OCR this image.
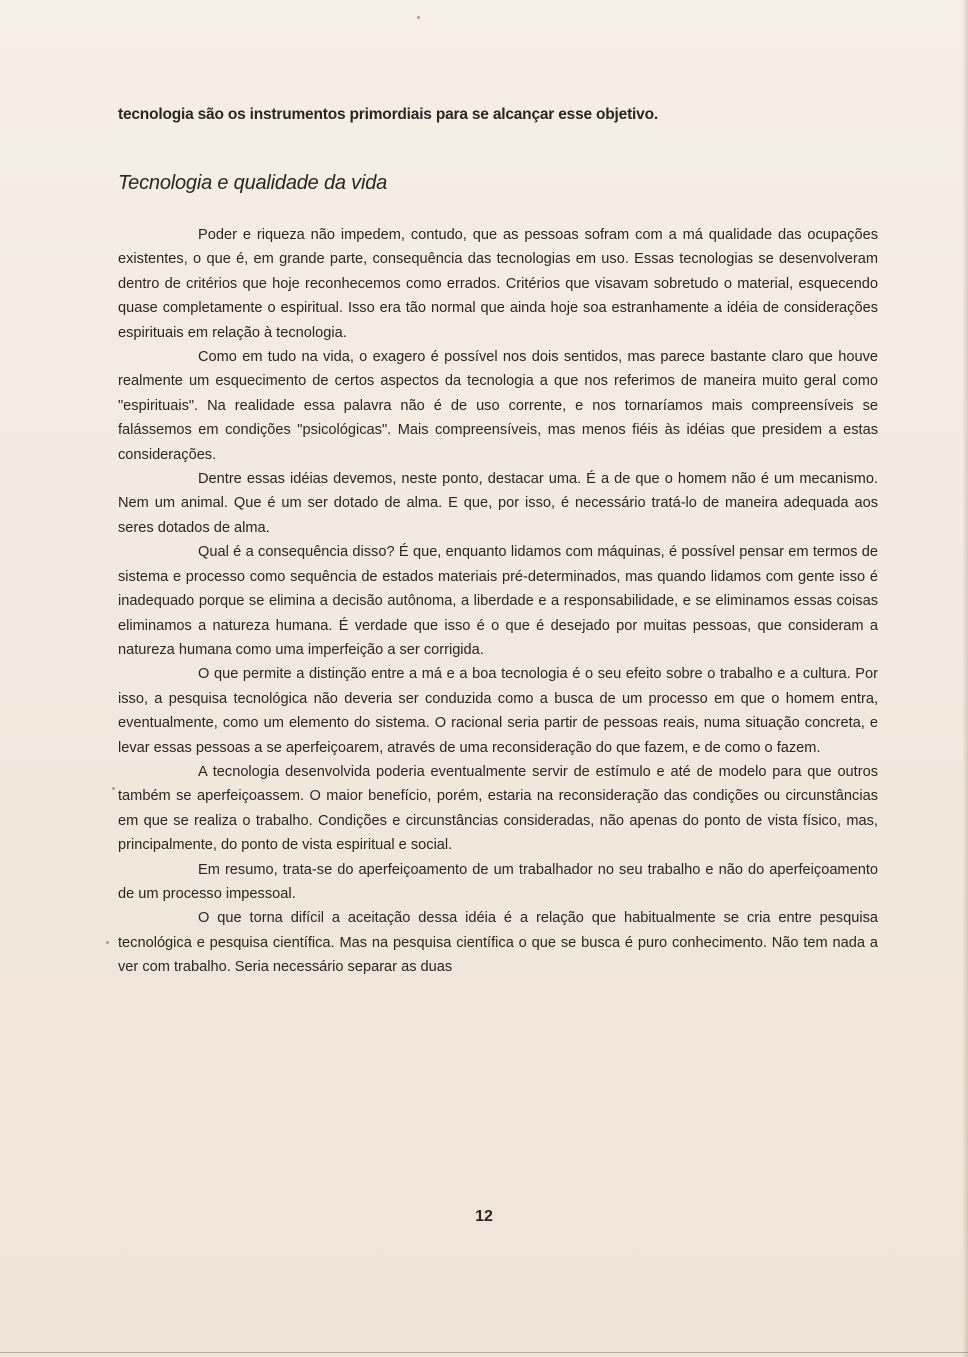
tecnologia são os instrumentos primordiais para se alcançar esse objetivo.

Tecnologia e qualidade da vida

Poder e riqueza não impedem, contudo, que as pessoas sofram com a má qualidade das ocupações existentes, o que é, em grande parte, consequência das tecnologias em uso. Essas tecnologias se desenvolveram dentro de critérios que hoje reconhecemos como errados. Critérios que visavam sobretudo o material, esquecendo quase completamente o espiritual. Isso era tão normal que ainda hoje soa estranhamente a idéia de considerações espirituais em relação à tecnologia.

Como em tudo na vida, o exagero é possível nos dois sentidos, mas parece bastante claro que houve realmente um esquecimento de certos aspectos da tecnologia a que nos referimos de maneira muito geral como "espirituais". Na realidade essa palavra não é de uso corrente, e nos tornaríamos mais compreensíveis se falássemos em condições "psicológicas". Mais compreensíveis, mas menos fiéis às idéias que presidem a estas considerações.

Dentre essas idéias devemos, neste ponto, destacar uma. É a de que o homem não é um mecanismo. Nem um animal. Que é um ser dotado de alma. E que, por isso, é necessário tratá-lo de maneira adequada aos seres dotados de alma.

Qual é a consequência disso? É que, enquanto lidamos com máquinas, é possível pensar em termos de sistema e processo como sequência de estados materiais pré-determinados, mas quando lidamos com gente isso é inadequado porque se elimina a decisão autônoma, a liberdade e a responsabilidade, e se eliminamos essas coisas eliminamos a natureza humana. É verdade que isso é o que é desejado por muitas pessoas, que consideram a natureza humana como uma imperfeição a ser corrigida.

O que permite a distinção entre a má e a boa tecnologia é o seu efeito sobre o trabalho e a cultura. Por isso, a pesquisa tecnológica não deveria ser conduzida como a busca de um processo em que o homem entra, eventualmente, como um elemento do sistema. O racional seria partir de pessoas reais, numa situação concreta, e levar essas pessoas a se aperfeiçoarem, através de uma reconsideração do que fazem, e de como o fazem.

A tecnologia desenvolvida poderia eventualmente servir de estímulo e até de modelo para que outros também se aperfeiçoassem. O maior benefício, porém, estaria na reconsideração das condições ou circunstâncias em que se realiza o trabalho. Condições e circunstâncias consideradas, não apenas do ponto de vista físico, mas, principalmente, do ponto de vista espiritual e social.

Em resumo, trata-se do aperfeiçoamento de um trabalhador no seu trabalho e não do aperfeiçoamento de um processo impessoal.

O que torna difícil a aceitação dessa idéia é a relação que habitualmente se cria entre pesquisa tecnológica e pesquisa científica. Mas na pesquisa científica o que se busca é puro conhecimento. Não tem nada a ver com trabalho. Seria necessário separar as duas

12
